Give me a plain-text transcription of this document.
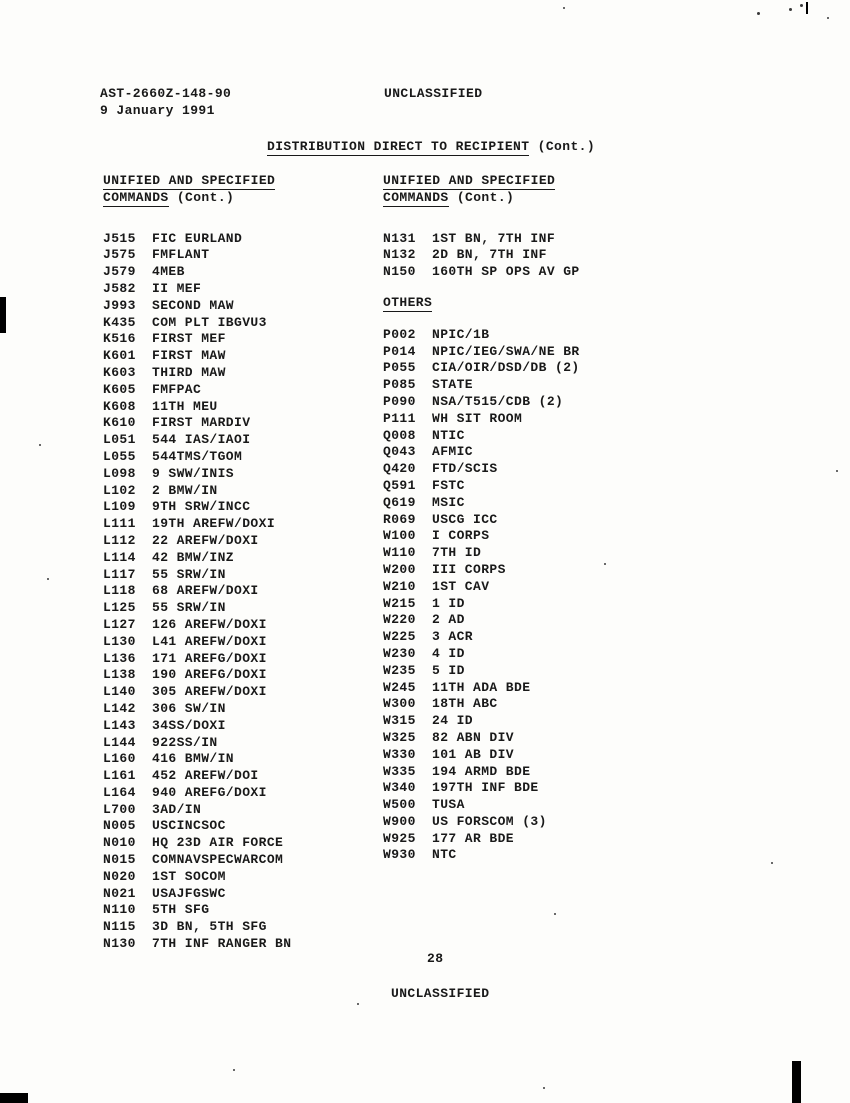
AST-2660Z-148-90
9 January 1991
UNCLASSIFIED
DISTRIBUTION DIRECT TO RECIPIENT (Cont.)
UNIFIED AND SPECIFIED
COMMANDS (Cont.)
J515 FIC EURLAND
J575 FMFLANT
J579 4MEB
J582 II MEF
J993 SECOND MAW
K435 COM PLT IBGVU3
K516 FIRST MEF
K601 FIRST MAW
K603 THIRD MAW
K605 FMFPAC
K608 11TH MEU
K610 FIRST MARDIV
L051 544 IAS/IAOI
L055 544TMS/TGOM
L098 9 SWW/INIS
L102 2 BMW/IN
L109 9TH SRW/INCC
L111 19TH AREFW/DOXI
L112 22 AREFW/DOXI
L114 42 BMW/INZ
L117 55 SRW/IN
L118 68 AREFW/DOXI
L125 55 SRW/IN
L127 126 AREFW/DOXI
L130 L41 AREFW/DOXI
L136 171 AREFG/DOXI
L138 190 AREFG/DOXI
L140 305 AREFW/DOXI
L142 306 SW/IN
L143 34SS/DOXI
L144 922SS/IN
L160 416 BMW/IN
L161 452 AREFW/DOI
L164 940 AREFG/DOXI
L700 3AD/IN
N005 USCINCSOC
N010 HQ 23D AIR FORCE
N015 COMNAVSPECWARCOM
N020 1ST SOCOM
N021 USAJFGSWC
N110 5TH SFG
N115 3D BN, 5TH SFG
N130 7TH INF RANGER BN
UNIFIED AND SPECIFIED
COMMANDS (Cont.)
N131 1ST BN, 7TH INF
N132 2D BN, 7TH INF
N150 160TH SP OPS AV GP
OTHERS
P002 NPIC/1B
P014 NPIC/IEG/SWA/NE BR
P055 CIA/OIR/DSD/DB (2)
P085 STATE
P090 NSA/T515/CDB (2)
P111 WH SIT ROOM
Q008 NTIC
Q043 AFMIC
Q420 FTD/SCIS
Q591 FSTC
Q619 MSIC
R069 USCG ICC
W100 I CORPS
W110 7TH ID
W200 III CORPS
W210 1ST CAV
W215 1 ID
W220 2 AD
W225 3 ACR
W230 4 ID
W235 5 ID
W245 11TH ADA BDE
W300 18TH ABC
W315 24 ID
W325 82 ABN DIV
W330 101 AB DIV
W335 194 ARMD BDE
W340 197TH INF BDE
W500 TUSA
W900 US FORSCOM (3)
W925 177 AR BDE
W930 NTC
28
UNCLASSIFIED
